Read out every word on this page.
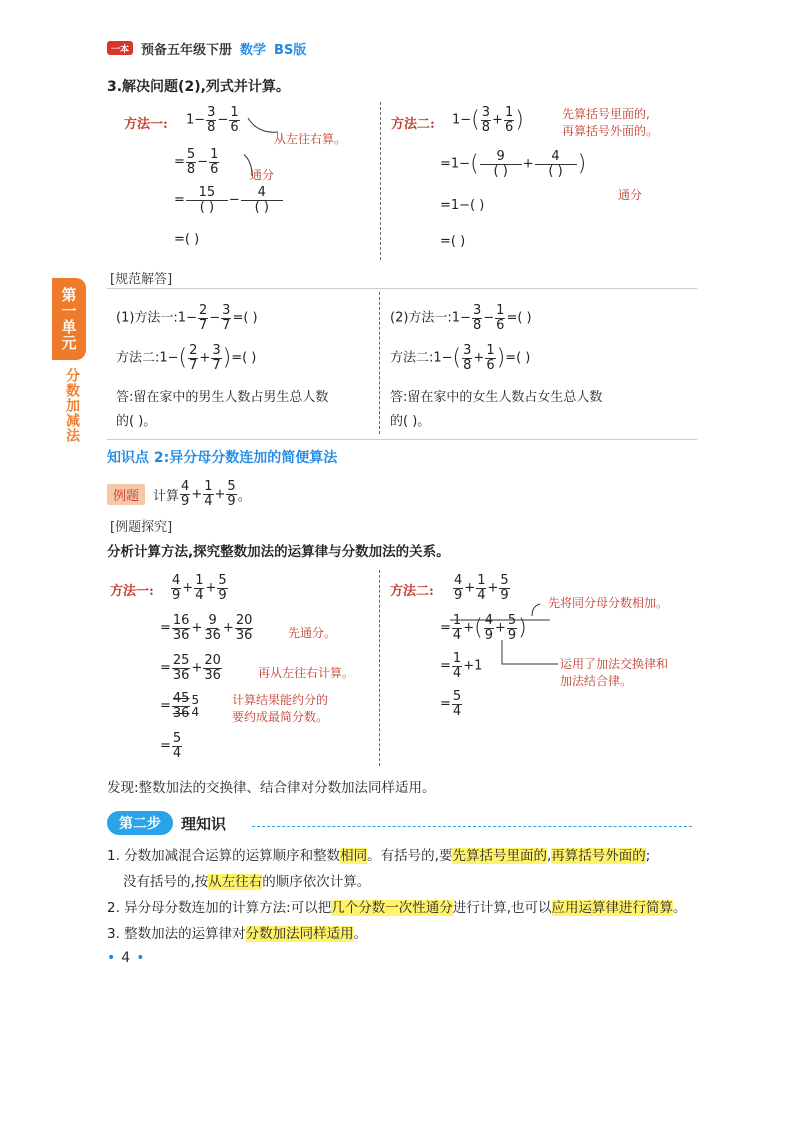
一本 预备五年级下册 数学 BS版
第一单元
分数加减法
3.解决问题(2),列式并计算。
方法一: $1- \frac{3}{8} - \frac{1}{6}$
从左往右算。
= $\frac{5}{8} - \frac{1}{6}$	通分
= $\frac{15}{( )} - \frac{4}{( )}$
=( )
方法二: $1-( \frac{3}{8} + \frac{1}{6}$ )	先算括号里面的,
再算括号外面的。
$=1-( \frac{9}{( )} + \frac{4}{( )}$ )
通分
=1−( )
=( )
[规范解答]
(1)方法一:1− $\frac{2}{7} - \frac{3}{7}$ =( )
方法二:1−( $\frac{2}{7} + \frac{3}{7}$ )=( )
答:留在家中的男生人数占男生总人数
的( )。
(2)方法一:1− $\frac{3}{8} - \frac{1}{6}$ =( )
方法二:1−( $\frac{3}{8} + \frac{1}{6}$ )=( )
答:留在家中的女生人数占女生总人数
的( )。
知识点 2:异分母分数连加的简便算法
例题	计算 $\frac{4}{9} + \frac{1}{4} + \frac{5}{9}$ 。
[例题探究]
分析计算方法,探究整数加法的运算律与分数加法的关系。
方法一: $\frac{4}{9} + \frac{1}{4} + \frac{5}{9}$
= $\frac{16}{36} + \frac{9}{36} + \frac{20}{36}$	先通分。
= $\frac{25}{36} + \frac{20}{36}$	再从左往右计算。
= $\frac{45}{36} 5$
4
计算结果能约分的
要约成最简分数。
= $\frac{5}{4}$
方法二: $\frac{4}{9} + \frac{1}{4} + \frac{5}{9}$
先将同分母分数相加。
= $\frac{1}{4}$ +( $\frac{4}{9} + \frac{5}{9}$ )
= $\frac{1}{4} +1$	运用了加法交换律和
加法结合律。
= $\frac{5}{4}$
发现:整数加法的交换律、结合律对分数加法同样适用。
第二步	理知识
1. 分数加减混合运算的运算顺序和整数相同。有括号的,要先算括号里面的,再算括号外面的;
没有括号的,按从左往右的顺序依次计算。
2. 异分母分数连加的计算方法:可以把几个分数一次性通分进行计算,也可以应用运算律进行简算。
3. 整数加法的运算律对分数加法同样适用。
• 4 •
